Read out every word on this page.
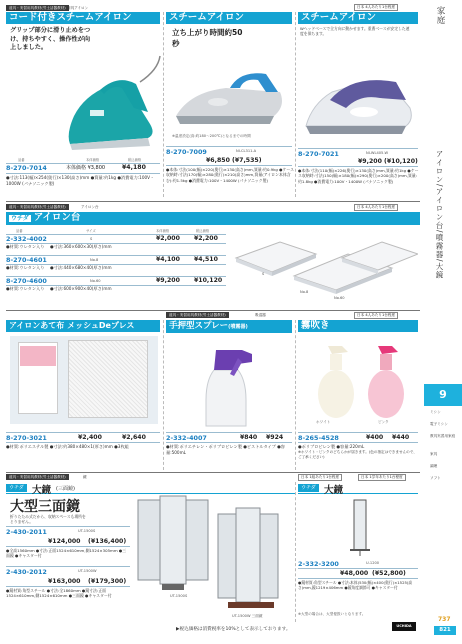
道具・実習用具教材(労土活器教材) 衛具アイロン
コード付きスチームアイロン
グリップ部分に滑り止めをつけ、持ちやすく、操作性が向上しました。
品番	本体価格	税込価格
8-270-7014	本体価格 ¥3,800	¥4,180
●寸法:113(幅)×254(奥行)×130(高さ)mm ●質量:約1kg ●消費電力:100V・1000W (パナソニック製)
スチームアイロン
立ち上がり時間約50秒
※温度設定(高:約180〜200℃)となるまでの時間
8-270-7009	NI-CL311-A
¥6,850 (¥7,535)
●本体:寸法(100(幅)×220(奥行)×130(高さ)mm,質量:約0.9kg ●ケース収納時:寸法(170(幅)×280(奥行)×210(高さ)mm,質量(アイロン本体含む):約1.5kg ●消費電力:100V・1400W (パナソニック製)
日本 4人あたり1台程度
スチームアイロン
Wヘッドベースで全方向に動かせます。重曹ベースが安定した速度を保ちます。
8-270-7021	NI-WL405-W
¥9,200 (¥10,120)
●本体:寸法(110(幅)×226(奥行)×130(高さ)mm,質量:約1kg ●ケース収納時:寸法(150(幅)×180(幅)×290(奥行)×200(高さ)mm,質量:約1.8kg ●消費電力:100V・1400W (パナソニック製)
道具・実習用具教材(労土活器教材)	アイロン台	日本 4人あたり1台程度
ウチダ アイロン台
品番	サイズ	本体価格	税込価格
2-332-4002	S	¥2,000 ¥2,200
●材質:ウレタン入り ●寸法:360×600×30(厚さ)mm
8-270-4601	No.8	¥4,100 ¥4,510
●材質:ウレタン入り ●寸法:440×680×40(厚さ)mm
8-270-4600	No.60	¥9,200 ¥10,120
●材質:ウレタン入り ●寸法:600×900×40(厚さ)mm
S
No.8
No.60
道具・実習用具教材(労土活器教材)	吸湿器	日本 4人あたり1台程度
アイロンあて布 メッシュDeプレス
8-270-3021	¥2,400	¥2,640
●材質:ポリエステル製 ●寸法:約380×480×1(厚さ)mm ●3枚組
手押型スプレー(噴霧器)
2-332-4007	¥840 ¥924
●材質:ポリエチレン・ポリプロピレン製 ●ピストルタイプ ●容量:500mL
霧吹き
ホワイト	ピンク
8-265-4528	¥400 ¥440
●ポリプロピレン製 ●容量:220mL
※ホワイト・ピンクのどちらかが届きます。(色の指定はできませんので、ご了承ください)
道具・実習用具教材(労土活器教材)	鏡	日本 1組あたり1台程度	日本 1学年あたり1台程度
ウチダ 大鏡 (三面鏡)
大型三面鏡
折りたたみ式だから、収納スペースも場所をとりません。
UT-1500S
UT-1500W 三面鏡
2-430-2011	UT-1500S
¥124,000 (¥136,400)
●全高1560mm ●寸法:正面1524×610mm,側1524×305mm ●三面鏡 ●キャスター付
2-430-2012	UT-1500W
¥163,000 (¥179,300)
●鏡材質:角型スチール ●寸法:全1860mm ●鏡寸法:正面1524×610mm,側1524×610mm ●三面鏡 ●キャスター付
ウチダ 大鏡
2-332-3200	U-1200
¥48,000 (¥52,800)
●鏡材質:角型スチール ●寸法:本体(530(幅)×400(奥行)×1525(高さ)mm,鏡1219×406mm ●鏡角度調節可 ●キャスター付
※大型の場合は、大型便扱いとなります。
▶税込価格は消費税率を10%として表示しております。
UCHIDA
家庭
アイロン/アイロン台/噴霧器/大鏡
9
ミシン
電子ミシン
教具実習用家庭
家具
調理
ソフト
737
821
